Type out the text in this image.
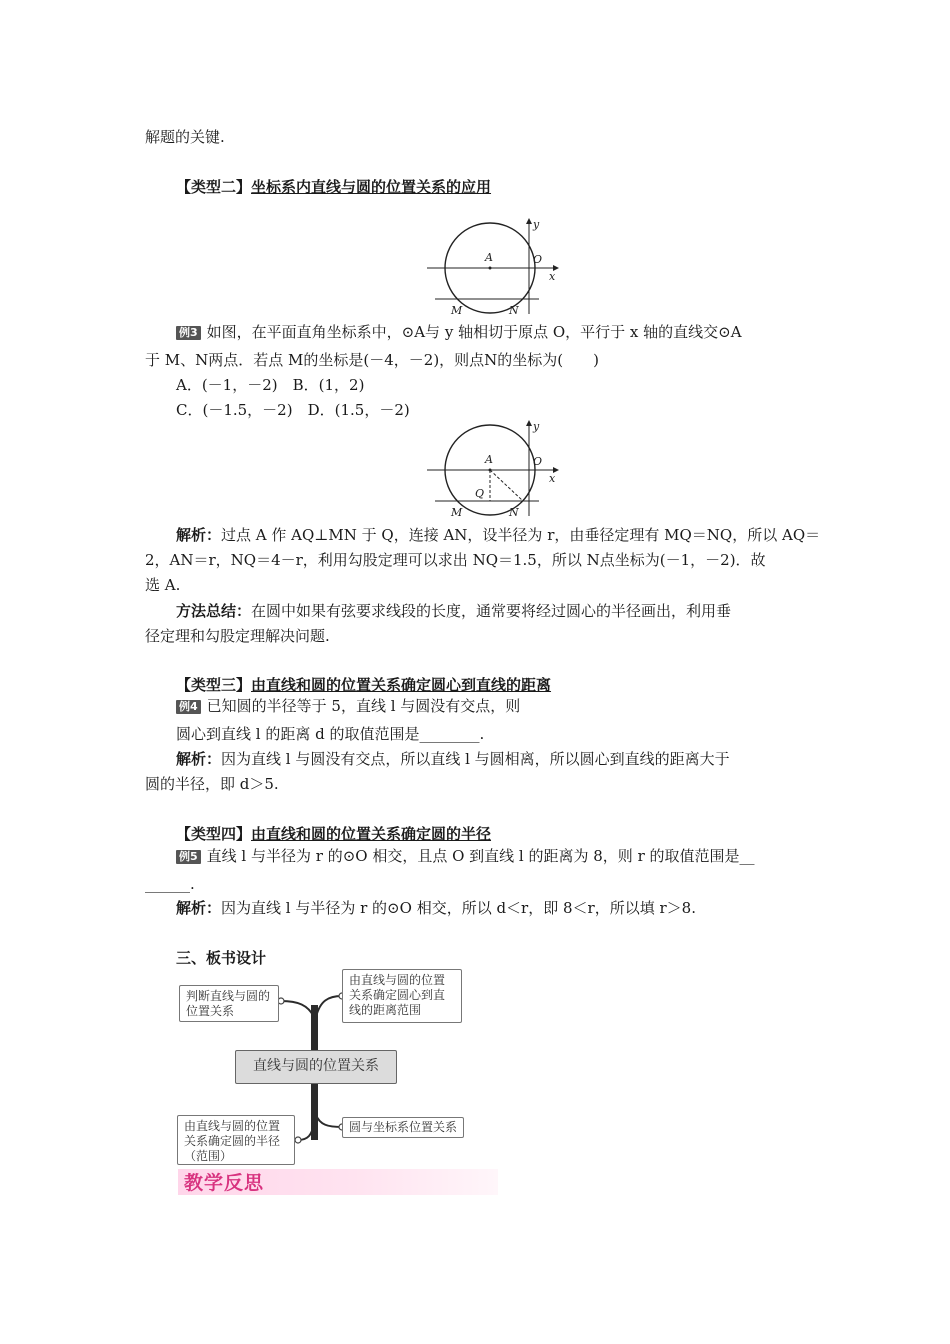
解题的关键.
【类型二】坐标系内直线与圆的位置关系的应用
A	O
x
y
M	N
例3 如图，在平面直角坐标系中，⊙A与 y 轴相切于原点 O，平行于 x 轴的直线交⊙A
于 M、N两点．若点 M的坐标是(－4，－2)，则点N的坐标为(　　)
A．(－1，－2)　B．(1，2)
C．(－1.5，－2)　D．(1.5，－2)
A	O
x
y
M	N
Q
解析：过点 A 作 AQ⊥MN 于 Q，连接 AN，设半径为 r，由垂径定理有 MQ＝NQ，所以 AQ＝
2，AN＝r，NQ＝4－r，利用勾股定理可以求出 NQ＝1.5，所以 N点坐标为(－1，－2)．故
选 A.
方法总结：在圆中如果有弦要求线段的长度，通常要将经过圆心的半径画出，利用垂
径定理和勾股定理解决问题.
【类型三】由直线和圆的位置关系确定圆心到直线的距离
例4 已知圆的半径等于 5，直线 l 与圆没有交点，则
圆心到直线 l 的距离 d 的取值范围是________.
解析：因为直线 l 与圆没有交点，所以直线 l 与圆相离，所以圆心到直线的距离大于
圆的半径，即 d＞5.
【类型四】由直线和圆的位置关系确定圆的半径
例5 直线 l 与半径为 r 的⊙O 相交，且点 O 到直线 l 的距离为 8，则 r 的取值范围是__
______.
解析：因为直线 l 与半径为 r 的⊙O 相交，所以 d＜r，即 8＜r，所以填 r＞8.
三、板书设计
判断直线与圆的位置关系
由直线与圆的位置关系确定圆心到直线的距离范围
直线与圆的位置关系
由直线与圆的位置关系确定圆的半径（范围）
圆与坐标系位置关系
教学反思
